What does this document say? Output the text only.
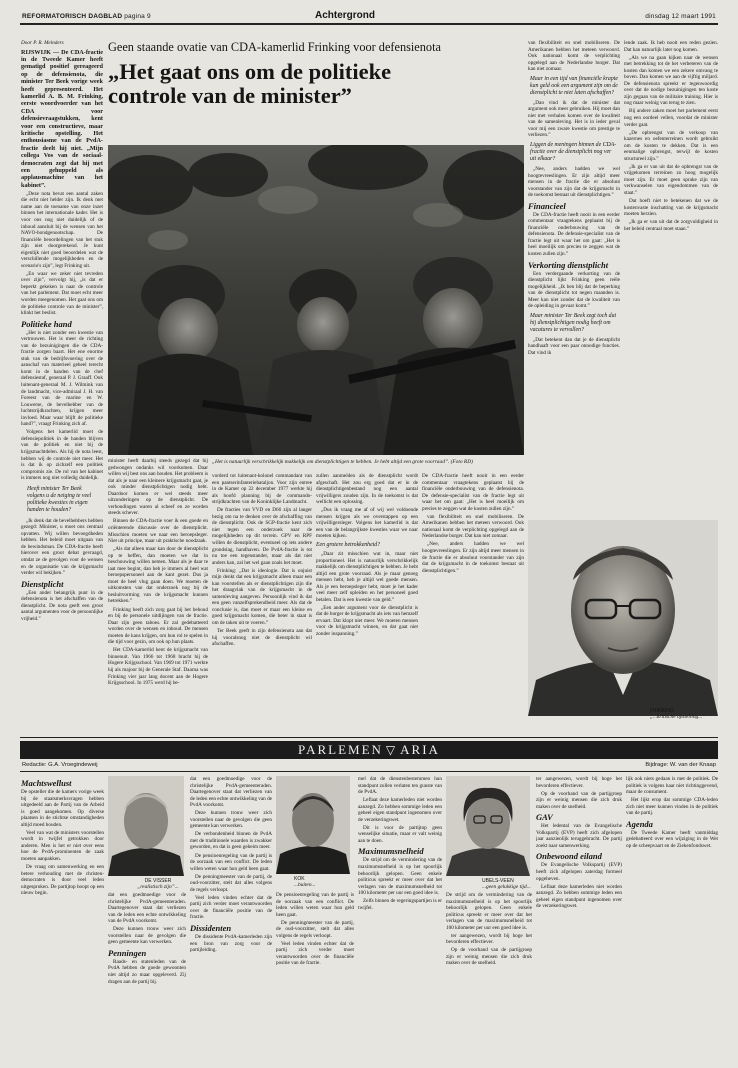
REFORMATORISCH DAGBLAD pagina 9	Achtergrond	dinsdag 12 maart 1991
Geen staande ovatie van CDA-kamerlid Frinking voor defensienota
„Het gaat ons om de politieke
controle van de minister”

Door P. R. Meinders

RIJSWIJK — De CDA-fractie in de Tweede Kamer heeft gematigd positief gereageerd op de defensienota, die minister Ter Beek vorige week heeft gepresenteerd. Het kamerlid A. B. M. Frinking, eerste woordvoerder van het CDA voor defensievraagstukken, kent voor een constructieve, maar kritische opstelling. Het enthousiasme van de PvdA-fractie deelt hij niet. „Mijn collega Vos van de sociaal-democraten zegt dat hij met een gehuppeld als applausmachine van het kabinet”.

„Deze nota bevat een aantal zaken die echt niet helder zijn. Ik denk met name aan de toename van onze inzet binnen het internationale kader. Het is voor ons nog niet duidelijk of de inhoud aansluit bij de wensen van het NAVO-bondgenootschap. De financiële beoordelingen van het stuk zijn niet doorgerekend. Je kunt eigenlijk niet goed beoordelen wat de verschillende mogelijkheden en de scenario's zijn”, legt Frinking uit.

„En waar we zeker niet tevreden over zijn”, vervolgt hij, „is dat er beperkt gekeken is naar de controle van het parlement. Dat moet echt meer worden meegenomen. Het gaat ons om de politieke controle van de minister”, klinkt het beslist.

Politieke hand

„Het is niet zonder een kwestie van vertrouwen. Het is meer de richting van de bezuinigingen die de CDA-fractie zorgen baart. Het ene enorme stuk van de bedrijfsvoering over de aanschaf van materieel geheel terecht komt in de handen van de chef defensiestaf, generaal P. J. Graaff. Ook luitenant-generaal M. J. Wilmink van de landmacht, vice-admiraal J. H. van Foreest van de marine en W. Louwerse, de bevelhebber van de luchtstrijdkrachten, krijgen meer invloed. Maar waar blijft de politieke hand?”, vraagt Frinking zich af.

Volgens het kamerlid moet de defensiepolitiek in de handen blijven van de politiek en niet bij de krijgsmachtdelen. Als hij de nota leest, hebben wij de controle niet meer. Het is dat ik op zichzelf een politiek compromis zie. De rol van het kabinet is immers nog niet volledig duidelijk.

Heeft minister Ter Beek volgens u de neiging te veel politieke kwesties in eigen handen te houden?

„Ik denk dat de bevelhebbers hebben gezegd: Minister, u moet ons centraal opvatten. Wij willen bevoegdheden hebben. Het beleid moet uitgaan van de bewindsman. De CDA-fractie heeft hierover een groot debat gevraagd, omdat ze de gevolgen voor de wensen en de organisatie van de krijgsmacht verder wil bekijken.”

Dienstplicht

„Een ander belangrijk punt in de defensienota is het afschaffen van de dienstplicht. De nota geeft een groot aantal argumenten voor de persoonlijke vrijheid.”

„Het is natuurlijk verschrikkelijk makkelijk om dienstplichtigen te hebben. Je hebt altijd een grote voorraad”. (Foto RD)

minister heeft daarbij steeds gezegd dat hij gedwongen ondanks wil voorkomen. Daar willen wij best ons aan houden. Het probleem is dat als je naar een kleinere krijgsmacht gaat, je ook minder dienstplichtigen nodig hebt. Daardoor komen er wel steeds meer uitzonderingen op de dienstplicht. De verhoudingen waren al scheef en ze worden steeds schever.

Binnen de CDA-fractie voer ik een goede en oriënterende discussie over de dienstplicht. Misschien moeten we naar een beroepsleger. Niet uit principe, maar uit praktische noodzaak.

„Als dat alleen maar kan door de dienstplicht op te heffen, dan moeten we dat in beschouwing willen nemen. Maar als je daar te laat mee begint, dan heb je immers al heel wat beroepspersoneel aan de kant gezet. Dus ja moet de heel vlug gaan doen. We moeten de uitkomsten van dat onderzoek nog bij de besluitvorming van de krijgsmacht kunnen betrekken.”

Frinking heeft zich zorg gaat bij het behoud en bij de personele uitdijingen van de fractie. Daar zijn geen taboes. Er zal gedebatteerd worden over de wensen en inhoud. De mensen moeten de kans krijgen, om hun rol te spelen in die tijd voor gezin, om ook op hun plaats.

Het CDA-kamerlid kent de krijgsmacht van binnenuit. Van 1966 tot 1968 bracht hij de Hogere Krijgsschool. Van 1969 tot 1971 werkte hij als majoor bij de Generale Staf. Daarna was Frinking vier jaar lang docent aan de Hogere Krijgsschool. In 1975 werd hij be-

vorderd tot luitenant-kolonel commandant van een pantserinfanteriebataljon. Voor zijn entree in de Kamer op 22 december 1977 werkte hij als hoofd planning bij de commando-strijdkrachten van de Koninklijke Landmacht.

De fracties van VVD en D66 zijn al langer bezig om na te denken over de afschaffing van de dienstplicht. Ook de SGP-fractie kent zich niet tegen een onderzoek naar de mogelijkheden op dit terrein. GPV en RPF willen de dienstplicht, eventueel op iets andere grondslag, handhaven. De PvdA-fractie is tot nu toe een tegenstander, maar als dat niet anders kan, zal het wel gaan zoals het moet.

Frinking: „Dat is ideologie. Dat is onjuist mijn denkt dat een krijgsmacht alleen maar een kan voorstellen als er dienstplichtigen zijn die het draagvlak van de krijgsmacht in de samenleving aangeven. Persoonlijk vind ik dat een geen vanzelfsprekendheid meer. Als dat de conclusie is, dan moet er maar een kleine en goed krijgsmacht komen, die beter in staat is om de taken uit te voeren.”

Ter Beek geeft in zijn defensienota aan dat hij vooralsnog niet de dienstplicht wil afschaffen.

zullen aanmelden als de dienstplicht wordt afgeschaft. Het zou erg goed dat er in de dienstplichtigenbestand nog een aantal vrijwilligers zouden zijn. In de toekomst is dat wellicht een oplossing.

„Dus ik vraag me af of wij wel voldoende mensen krijgen als we overstappen op een vrijwilligersleger. Volgens het kamerlid is dat een van de belangrijkste kwesties waar we naar moeten kijken.

Een grotere betrokkenheid?

„Daar zit misschien wat in, maar niet proportioneel. Het is natuurlijk verschrikkelijk makkelijk om dienstplichtigen te hebben. Je hebt altijd een grote voorraad. Als je maar genoeg mensen hebt, heb je altijd wel goede mensen. Als je een beroepsleger hebt, moet je het kader veel meer zelf opleiden en het personeel goed betalen. Dat is een kwestie van geld.”

„Een ander argument voor de dienstplicht is dat de burger de krijgsmacht als iets van hemzelf ervaart. Dat klopt niet meer. We moeten mensen voor de krijgsmacht winnen, en dat gaat niet zonder inspanning.”

De CDA-fractie heeft nooit in een eerder commentaar vraagtekens geplaatst bij de financiële onderbouwing van de defensienota. De defensie-specialist van de fractie legt uit waar het om gaat: „Het is heel moeilijk om precies te zeggen wat de kosten zullen zijn.”

van flexibiliteit en snel mobiliseren. De Amerikanen hebben het meteen verwoord. Ook nationaal komt de verplichting opgelegd aan de Nederlandse burger. Dat kan niet zomaar.

„Nee, anders hadden we wel hoogtevreeslingen. Er zijn altijd meer mensen in de fractie die er absoluut voorstander van zijn dat de krijgsmacht in de toekomst bestaat uit dienstplichtigen.”

van flexibiliteit en snel mobiliseren. De Amerikanen hebben het meteen verwoord. Ook nationaal komt de verplichting opgelegd aan de Nederlandse burger. Dat kan niet zomaar.

Maar in een tijd van financiële krapte kan geld ook een argument zijn om de dienstplicht te niet laten afschaffen?

„Dan vind ik dat de minister dat argument ook meer gebruiken. Hij moet dan niet met verhalen komen over de kwaliteit van de samenleving. Het is in ieder geval voor mij een zware kwestie om prestige te verliezen.”

Liggen de meningen binnen de CDA-fractie over de dienstplicht nog ver uit elkaar?

„Nee, anders hadden we wel hoogtevreeslingen. Er zijn altijd meer mensen in de fractie die er absoluut voorstander van zijn dat de krijgsmacht in de toekomst bestaat uit dienstplichtigen.”

Financieel

De CDA-fractie heeft nooit in een eerder commentaar vraagtekens geplaatst bij de financiële onderbouwing van de defensienota. De defensie-specialist van de fractie legt uit waar het om gaat: „Het is heel moeilijk om precies te zeggen wat de kosten zullen zijn.”

Verkorting dienstplicht

Een verdergaande verkorting van de dienstplicht lijkt Frinking geen reële mogelijkheid. „Ik ben blij dat de beperking van de dienstplicht tot negen maanden is. Meer kan niet zonder dat de kwaliteit van de opleiding in gevaar komt.”

Maar minister Ter Beek zegt toch dat hij dienstplichtigen nodig heeft om vacatures te vervullen?

„Dat betekent dan dat je de dienstplicht handhaaft voor een paar onnodige functies. Dat vind ik

lende zaak. Ik heb nooit een reden gezien. Dat kan natuurlijk later nog komen.

„Als we na gaan kijken naar de wensen met betrekking tot de het verbeteren van de kosten dan komen we een zekere omvang te boven. Dan komen we aan de vijftig miljard. De defensienota spreekt er tegenwoordig over dat de nodige bezuinigingen ten koste zijn gegaan van de militaire training. Hier is nog maar weinig van terug te zien.

Bij andere zaken moet het parlement eerst nog een oordeel vellen, voordat de minister verder gaat.

„De opbrengst van de verkoop van kazernes en oefenterreinen wordt gebruikt om de kosten te dekken. Dat is een eenmalige opbrengst, terwijl de kosten structureel zijn.”

„Ik ga er van uit dat de opbrengst van de vrijgekomen terreinen zo hoog mogelijk moet zijn. Er moet geen sprake zijn van verkwanselen van eigendommen van de staat.”

Dat hoeft niet te betekenen dat we de kostenvaste inschatting van de krijgsmacht moeten herzien.

„Ik ga er van uit dat de zorgvuldigheid in het beleid centraal moet staan.”

FRINKING
„...kritische opstelling...”
PARLEMEN ▽ ARIA
Redactie: G.A. Vroegindeweij	Bijdrage: W. van der Knaap
Machtswellust

De opsteller die de kamers vorige week bij de staatsmerksvragen hebben uitgedeeld aan de Partij van de Arbeid is goed aangekomen. Op diverse plaatsen in de stichtse omstandigheden altijd moed houden.

Veel van wat de ministers voorstellen wordt in twijfel getrokken door anderen. Men is het er niet over eens hoe de PvdA-prominenten de zaak moeten aanpakken.

De vraag om samenwerking en een betere verhouding met de christen-democraten is door veel leden uitgesproken. De partijtop hoopt op een nieuw begin.

DE VISSER
„realistisch zijn”...

dat een goedmoedige voor de christelijke PvdA-gemeenteraden. Daartegenover staat dat verliezen van de leden een echte ontwikkeling van de PvdA voorkomt.

Deze kunnen trouw weer zich voorstellen naar de gevolgen die geen gemeente kan verwerken.

Penningen

Raads- en statenleden van de PvdA hebben de goede gewoonten niet altijd zo maar opgeleverd. Zij dragen aan de partij bij.

dat een goedmoedige voor de christelijke PvdA-gemeenteraden. Daartegenover staat dat verliezen van de leden een echte ontwikkeling van de PvdA voorkomt.

Deze kunnen trouw weer zich voorstellen naar de gevolgen die geen gemeente kan verwerken.

De verbondenheid binnen de PvdA met de traditionele waarden is zwakker geworden, en dat is geen geheim meer.

De pensioenregeling van de partij is de oorzaak van een conflict. De leden willen weten waar hun geld heen gaat.

De penningmeester van de partij, de oud-voorzitter, stelt dat alles volgens de regels verloopt.

Veel leden vinden echter dat de partij zich verder moet verantwoorden over de financiële positie van de fractie.

Dissidenten

De dissidente PvdA-kamerleden zijn een bron van zorg voor de partijleiding.

KOK
...buiten...

De pensioenregeling van de partij is de oorzaak van een conflict. De leden willen weten waar hun geld heen gaat.

De penningmeester van de partij, de oud-voorzitter, stelt dat alles volgens de regels verloopt.

Veel leden vinden echter dat de partij zich verder moet verantwoorden over de financiële positie van de fractie.

mel dat de dienstenbestemmen hun standpunt zullen verlaten ten gunste van de PvdA.

Leflaat deze kamerleden niet worden aanzegd. Zo hebben sommige leden een geheel eigen standpunt ingenomen over de verzekeringswet.

Dit is voor de partijtop geen wenselijke situatie, maar er valt weinig aan te doen.

Maximumsnelheid

De strijd om de vermindering van de maximumsnelheid is op het spoorlijk behoorlijk gelopen. Geen enkele politicus spreekt er meer over dat het verlagen van de maximumsnelheid tot 100 kilometer per uur een goed idee is.

Zelfs binnen de regeringspartijen is er twijfel.

UBELS-VEEN
...geen gelukkige tijd...

De strijd om de vermindering van de maximumsnelheid is op het spoorlijk behoorlijk gelopen. Geen enkele politicus spreekt er meer over dat het verlagen van de maximumsnelheid tot 100 kilometer per uur een goed idee is.

ter aangewezen, wordt bij hoge het bevorderen effectiever.

Op de voorhand van de partijgroep zijn er weinig mensen die zich druk maken over de snelheid.

ter aangewezen, wordt bij hoge het bevorderen effectiever.

Op de voorhand van de partijgroep zijn er weinig mensen die zich druk maken over de snelheid.

GAV

Het ledental van de Evangelische Volkspartij (EVP) heeft zich afgelopen jaar aanzienlijk teruggebracht. De partij zoekt naar samenwerking.

Onbewoond eiland

De Evangelische Volkspartij (EVP) heeft zich afgelopen zaterdag formeel opgeheven.

Leflaat deze kamerleden niet worden aanzegd. Zo hebben sommige leden een geheel eigen standpunt ingenomen over de verzekeringswet.

lijk ook niets gedaan is met de politiek. De politiek is volgens haar niet richtinggevend, maar de consument.

Het lijkt erop dat sommige CDA-leden zich niet meer kunnen vinden in de politiek van de partij.

Agenda

De Tweede Kamer heeft vanmiddag gedebatteerd over een wijziging in de Wet op de scheepvaart en de Ziekenfondswet.
